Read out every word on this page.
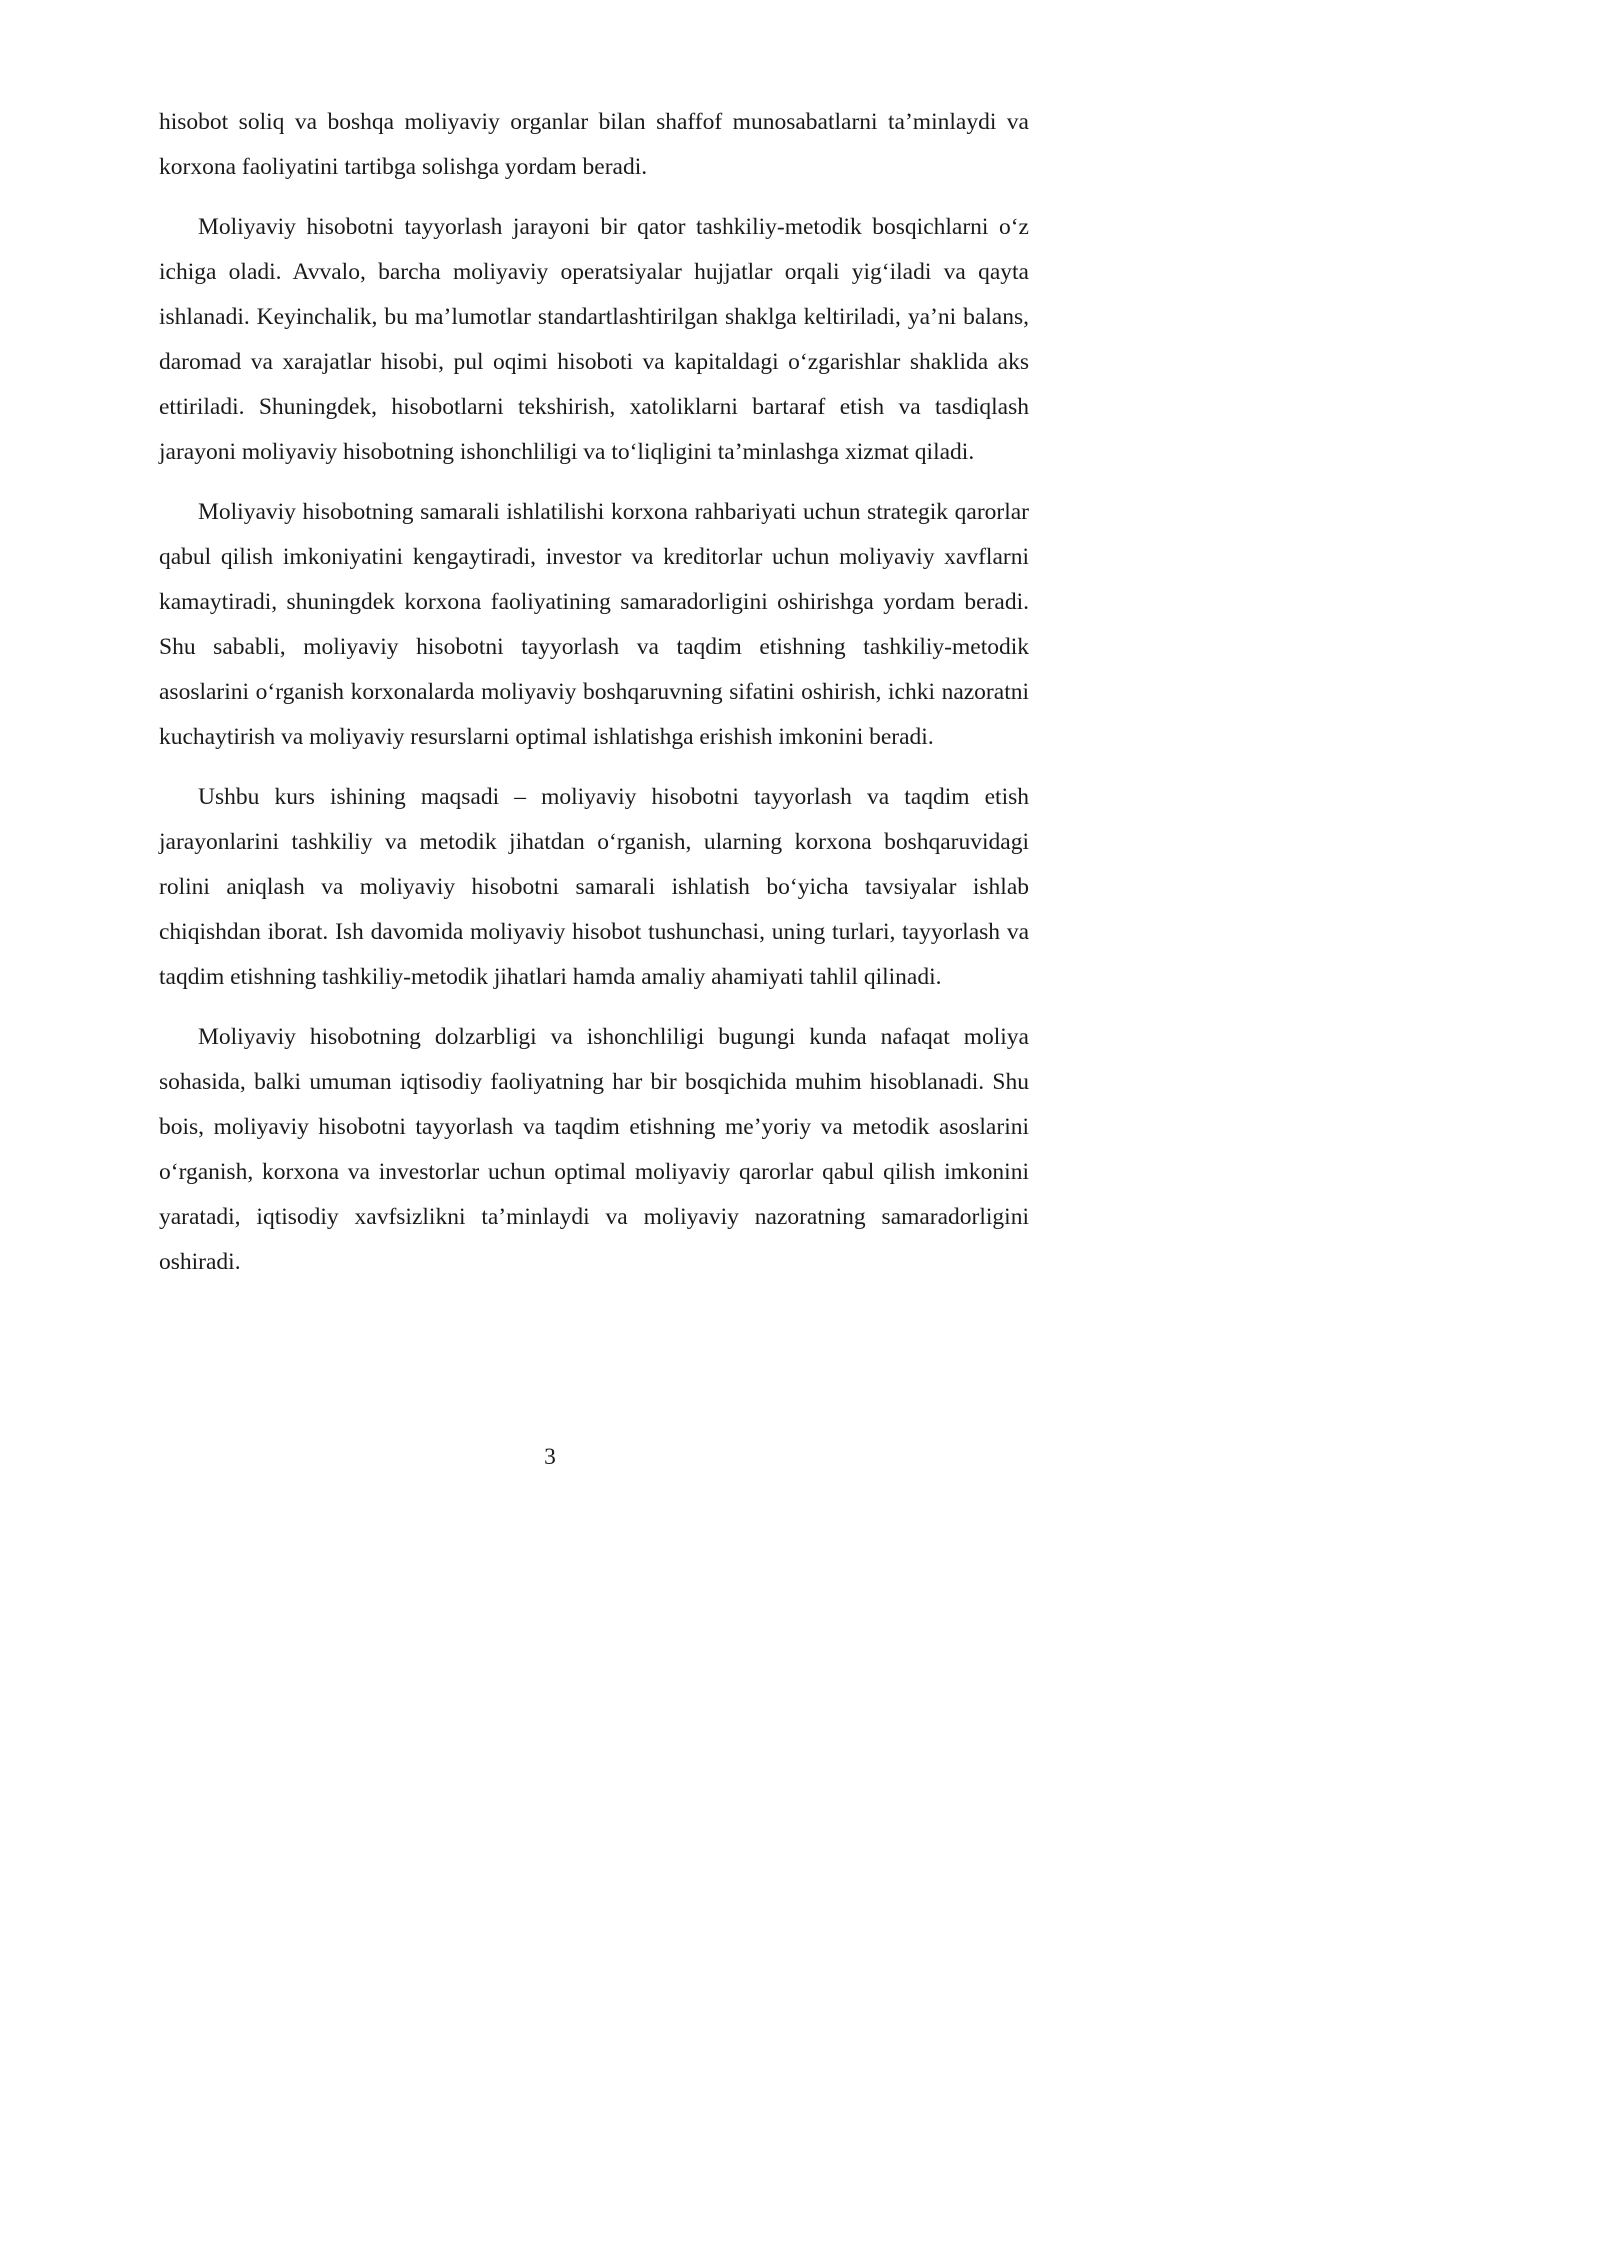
hisobot soliq va boshqa moliyaviy organlar bilan shaffof munosabatlarni ta’minlaydi va korxona faoliyatini tartibga solishga yordam beradi.

Moliyaviy hisobotni tayyorlash jarayoni bir qator tashkiliy-metodik bosqichlarni o‘z ichiga oladi. Avvalo, barcha moliyaviy operatsiyalar hujjatlar orqali yig‘iladi va qayta ishlanadi. Keyinchalik, bu ma’lumotlar standartlashtirilgan shaklga keltiriladi, ya’ni balans, daromad va xarajatlar hisobi, pul oqimi hisoboti va kapitaldagi o‘zgarishlar shaklida aks ettiriladi. Shuningdek, hisobotlarni tekshirish, xatoliklarni bartaraf etish va tasdiqlash jarayoni moliyaviy hisobotning ishonchliligi va to‘liqligini ta’minlashga xizmat qiladi.

Moliyaviy hisobotning samarali ishlatilishi korxona rahbariyati uchun strategik qarorlar qabul qilish imkoniyatini kengaytiradi, investor va kreditorlar uchun moliyaviy xavflarni kamaytiradi, shuningdek korxona faoliyatining samaradorligini oshirishga yordam beradi. Shu sababli, moliyaviy hisobotni tayyorlash va taqdim etishning tashkiliy-metodik asoslarini o‘rganish korxonalarda moliyaviy boshqaruvning sifatini oshirish, ichki nazoratni kuchaytirish va moliyaviy resurslarni optimal ishlatishga erishish imkonini beradi.

Ushbu kurs ishining maqsadi – moliyaviy hisobotni tayyorlash va taqdim etish jarayonlarini tashkiliy va metodik jihatdan o‘rganish, ularning korxona boshqaruvidagi rolini aniqlash va moliyaviy hisobotni samarali ishlatish bo‘yicha tavsiyalar ishlab chiqishdan iborat. Ish davomida moliyaviy hisobot tushunchasi, uning turlari, tayyorlash va taqdim etishning tashkiliy-metodik jihatlari hamda amaliy ahamiyati tahlil qilinadi.

Moliyaviy hisobotning dolzarbligi va ishonchliligi bugungi kunda nafaqat moliya sohasida, balki umuman iqtisodiy faoliyatning har bir bosqichida muhim hisoblanadi. Shu bois, moliyaviy hisobotni tayyorlash va taqdim etishning me’yoriy va metodik asoslarini o‘rganish, korxona va investorlar uchun optimal moliyaviy qarorlar qabul qilish imkonini yaratadi, iqtisodiy xavfsizlikni ta’minlaydi va moliyaviy nazoratning samaradorligini oshiradi.

3
